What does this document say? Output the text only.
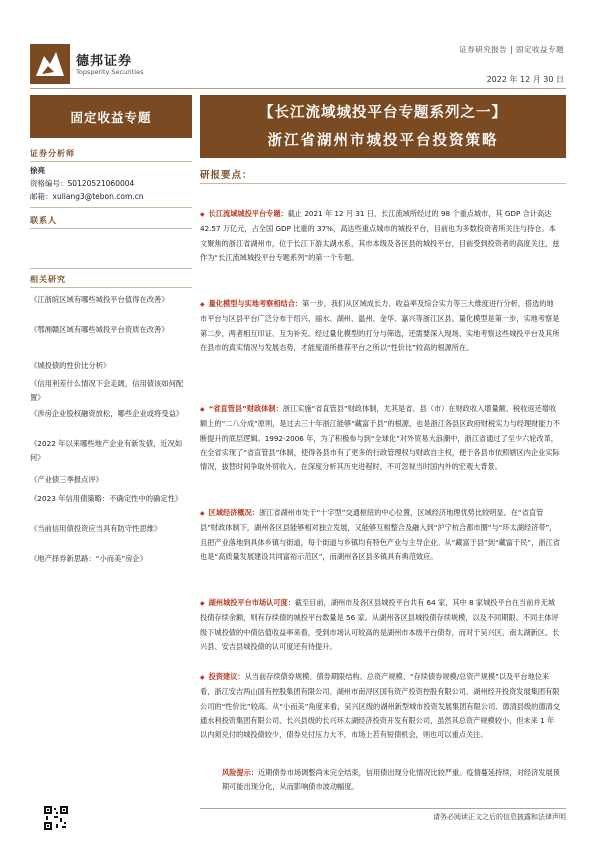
德邦证券
Topsperity Securities
证券研究报告 | 固定收益专题
2022 年 12 月 30 日
固定收益专题
证券分析师
徐亮
资格编号：S0120521060004
邮箱：xuliang3@tebon.com.cn
联系人
相关研究
《江浙皖区域有哪些城投平台值得在改善》
《鄂湘赣区域有哪些城投平台资质在改善》
《城投债的性价比分析》
《信用利差什么情况下会走阔，信用债该如何配置》
《涉房企业股权融资放松，哪些企业或将受益》
《2022 年以来哪些地产企业有新发债，近况如何》
《产业债三季报点评》
《2023 年信用债策略：不确定性中的确定性》
《当前信用债投资应当具有防守性思维》
《地产择券新思路：“小而美”房企》
【长江流域城投平台专题系列之一】
浙江省湖州市城投平台投资策略
研报要点：
◆ 长江流域城投平台专题：截止 2021 年 12 月 31 日，长江流域所经过的 98 个重点城市，其 GDP 合计高达 42.57 万亿元，占全国 GDP 比重的 37%，高达些重点城市的城投平台，目前也为多数投资者所关注与持仓。本文聚焦的浙江省湖州市，位于长江下游太湖水系，其市本级及各区县的城投平台，目前受到投资者的高度关注，兹作为“长江流域城投平台专题系列”的第一个专题。
◆ 量化模型与实地考察相结合：第一步，我们从区域成长力、收益率及综合实力等三大维度进行分析，搭选的地市平台与区县平台广泛分布于绍兴、丽水、湖州、温州、金华、嘉兴等浙江区县。量化模型是第一步，实地考察是第二步，两者相互印证、互为补充。经过量化模型的打分与筛选，还需要深入现场、实地考察这些城投平台及其所在县市的真实情况与发展态势，才能度清所推荐平台之所以“性价比”较高的根源所在。
◆ “省直管县”财政体制：浙江实施“省直管县”财政体制，尤其是省、县（市）在财政收入增量额、税收返还增收额上的“二八分成”原则，是过去三十年浙江能够“藏富于县”的根源，也是浙江各县区政府财税实力与经理财能力不断提升的底层逻辑。1992-2006 年，为了积极参与到“全球化”对外贸易大浪潮中，浙江省通过了至少六轮改革，在全省实现了“省直管县”体制，使得各县市有了更多的行政管理权与财政自主权，便于各县市依照辖区内企业实际情况，拔替时间争取外贸收入。在深度分析其历史进程时，不可忽视当时国内外的宏观大背景。
◆ 区域经济概况：浙江省湖州市处于“十字型”交通枢纽的中心位置，区域经济地理优势比较明显。在“省直管县”财政体制下，湖州各区县能够相对独立发展，又能够互相整合及融入到“沪宁杭合都市圈”与“环太湖经济带”，且把产业落地到具体乡镇与街道，每个街道与乡镇均有特色产业与主导企业。从“藏富于县”到“藏富于民”，浙江省也是“高质量发展建设共同富裕示范区”，而湖州各区县多镇具有典范效应。
◆ 湖州城投平台市场认可度：截至目前，湖州市及各区县城投平台共有 64 家，其中 8 家城投平台在当前并无城投债存续余额，则有存续债的城投平台数量是 56 家。从湖州各区县城投债存续规模，以及不同期限、不同主体评级下城投债的中债估值收益率来看，受到市场认可较高的是湖州市本级平台债券，而对于吴兴区、南太湖新区、长兴县、安吉县城投债的认可度还有待提升。
◆ 投资建议：从当前存续债券规模、债券期限结构、总资产规模、“存续债券规模/总资产规模”以及平台地位来看，浙江安吉两山国有控股集团有限公司、湖州市南浔区国有资产投资控股有限公司、湖州经开投资发展集团有限公司的“性价比”较高。从“小而美”角度来看，吴兴区级的湖州新型城市投资发展集团有限公司、德清县级的德清交通水利投资集团有限公司、长兴县级的长兴环太湖经济投资开发有限公司，虽然其总资产规模较小，但未来 1 年以内须兑付的城投债较少，债券兑付压力大不，市场上若有短债机会，则也可以重点关注。
风险提示：近期债券市场调整尚未完全结束，信用债出现分化情况比较严重。疫情蔓延持续，对经济发展预期可能出现分化，从而影响债市波动幅度。
请务必阅读正文之后的信息披露和法律声明
